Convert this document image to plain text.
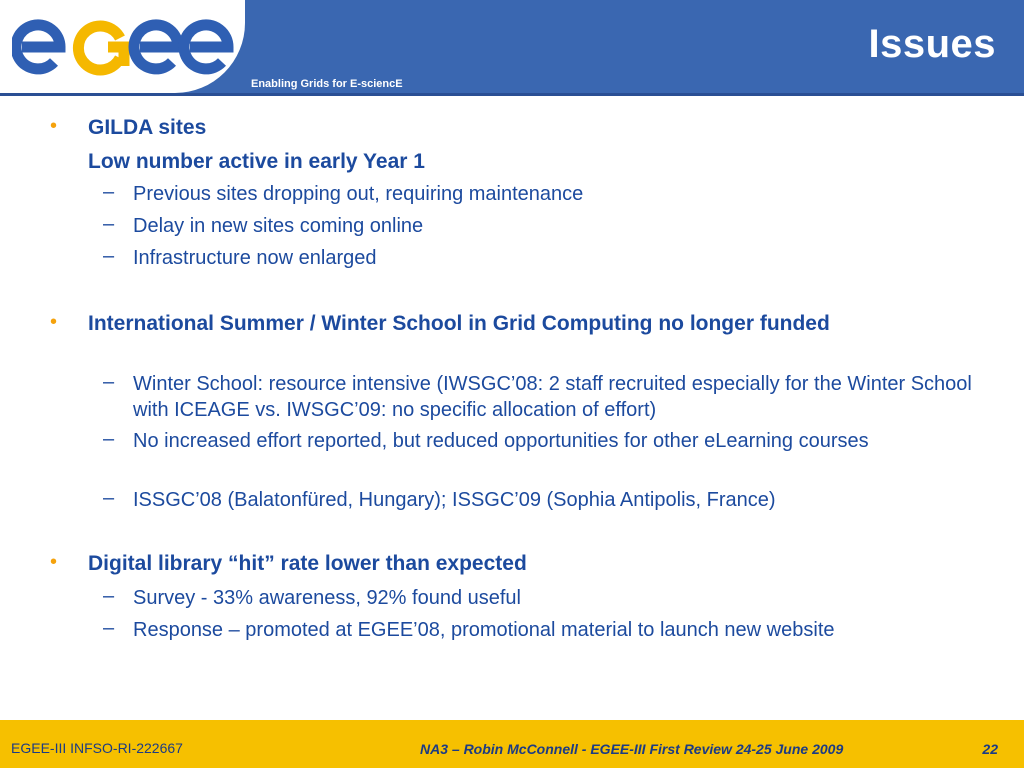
Enabling Grids for E-sciencE
Issues
• GILDA sites
Low number active in early Year 1
– Previous sites dropping out, requiring maintenance
– Delay in new sites coming online
– Infrastructure now enlarged
• International Summer / Winter School in Grid Computing no longer funded
– Winter School: resource intensive (IWSGC’08: 2 staff recruited especially for the Winter School with ICEAGE vs. IWSGC’09: no specific allocation of effort)
– No increased effort reported, but reduced opportunities for other eLearning courses
– ISSGC’08 (Balatonfüred, Hungary); ISSGC’09 (Sophia Antipolis, France)
• Digital library “hit” rate lower than expected
– Survey - 33% awareness, 92% found useful
– Response – promoted at EGEE’08, promotional material to launch new website
EGEE-III INFSO-RI-222667	NA3 – Robin McConnell - EGEE-III First Review 24-25 June 2009	22
